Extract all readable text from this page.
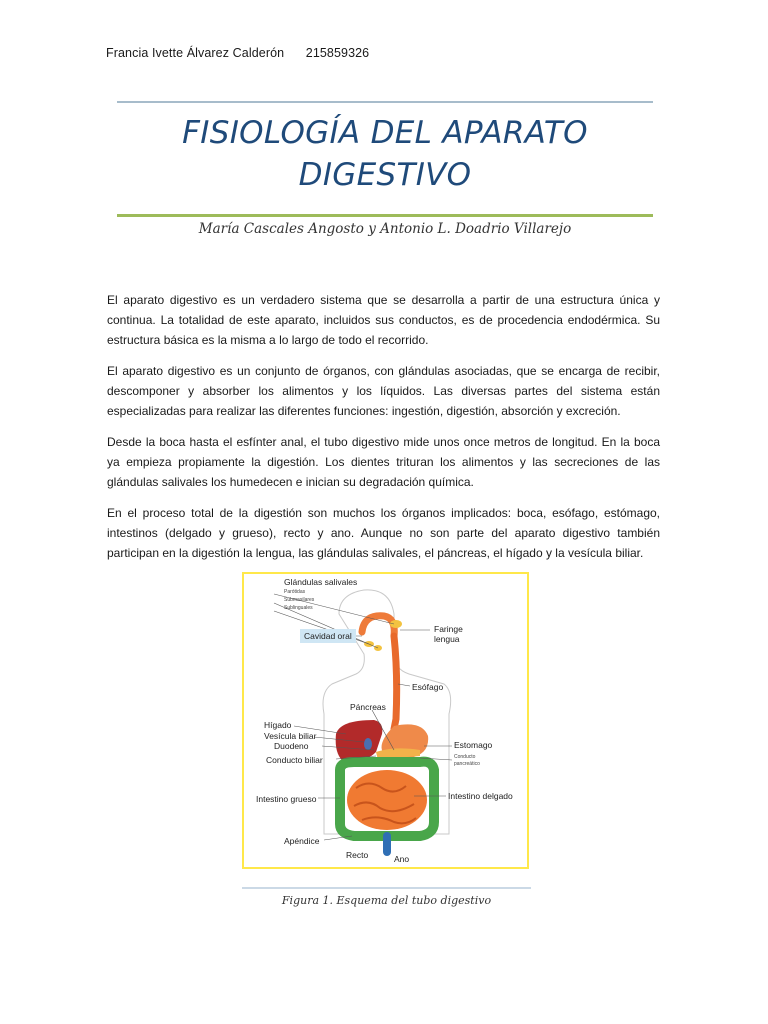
Francia Ivette Álvarez Calderón 215859326
FISIOLOGÍA DEL APARATO
DIGESTIVO
María Cascales Angosto y Antonio L. Doadrio Villarejo

El aparato digestivo es un verdadero sistema que se desarrolla a partir de una estructura única y continua. La totalidad de este aparato, incluidos sus conductos, es de procedencia endodérmica. Su estructura básica es la misma a lo largo de todo el recorrido.

El aparato digestivo es un conjunto de órganos, con glándulas asociadas, que se encarga de recibir, descomponer y absorber los alimentos y los líquidos. Las diversas partes del sistema están especializadas para realizar las diferentes funciones: ingestión, digestión, absorción y excreción.

Desde la boca hasta el esfínter anal, el tubo digestivo mide unos once metros de longitud. En la boca ya empieza propiamente la digestión. Los dientes trituran los alimentos y las secreciones de las glándulas salivales los humedecen e inician su degradación química.

En el proceso total de la digestión son muchos los órganos implicados: boca, esófago, estómago, intestinos (delgado y grueso), recto y ano. Aunque no son parte del aparato digestivo también participan en la digestión la lengua, las glándulas salivales, el páncreas, el hígado y la vesícula biliar.

Glándulas salivales
Parótidas
Submaxilares
Sublinguales
Cavidad oral
Faringe
lengua
Esófago
Páncreas
Hígado
Vesícula biliar
Duodeno
Conducto biliar
Estomago
Conducto
pancreático
Intestino grueso	Intestino delgado
Apéndice
Recto	Ano
Figura 1. Esquema del tubo digestivo
